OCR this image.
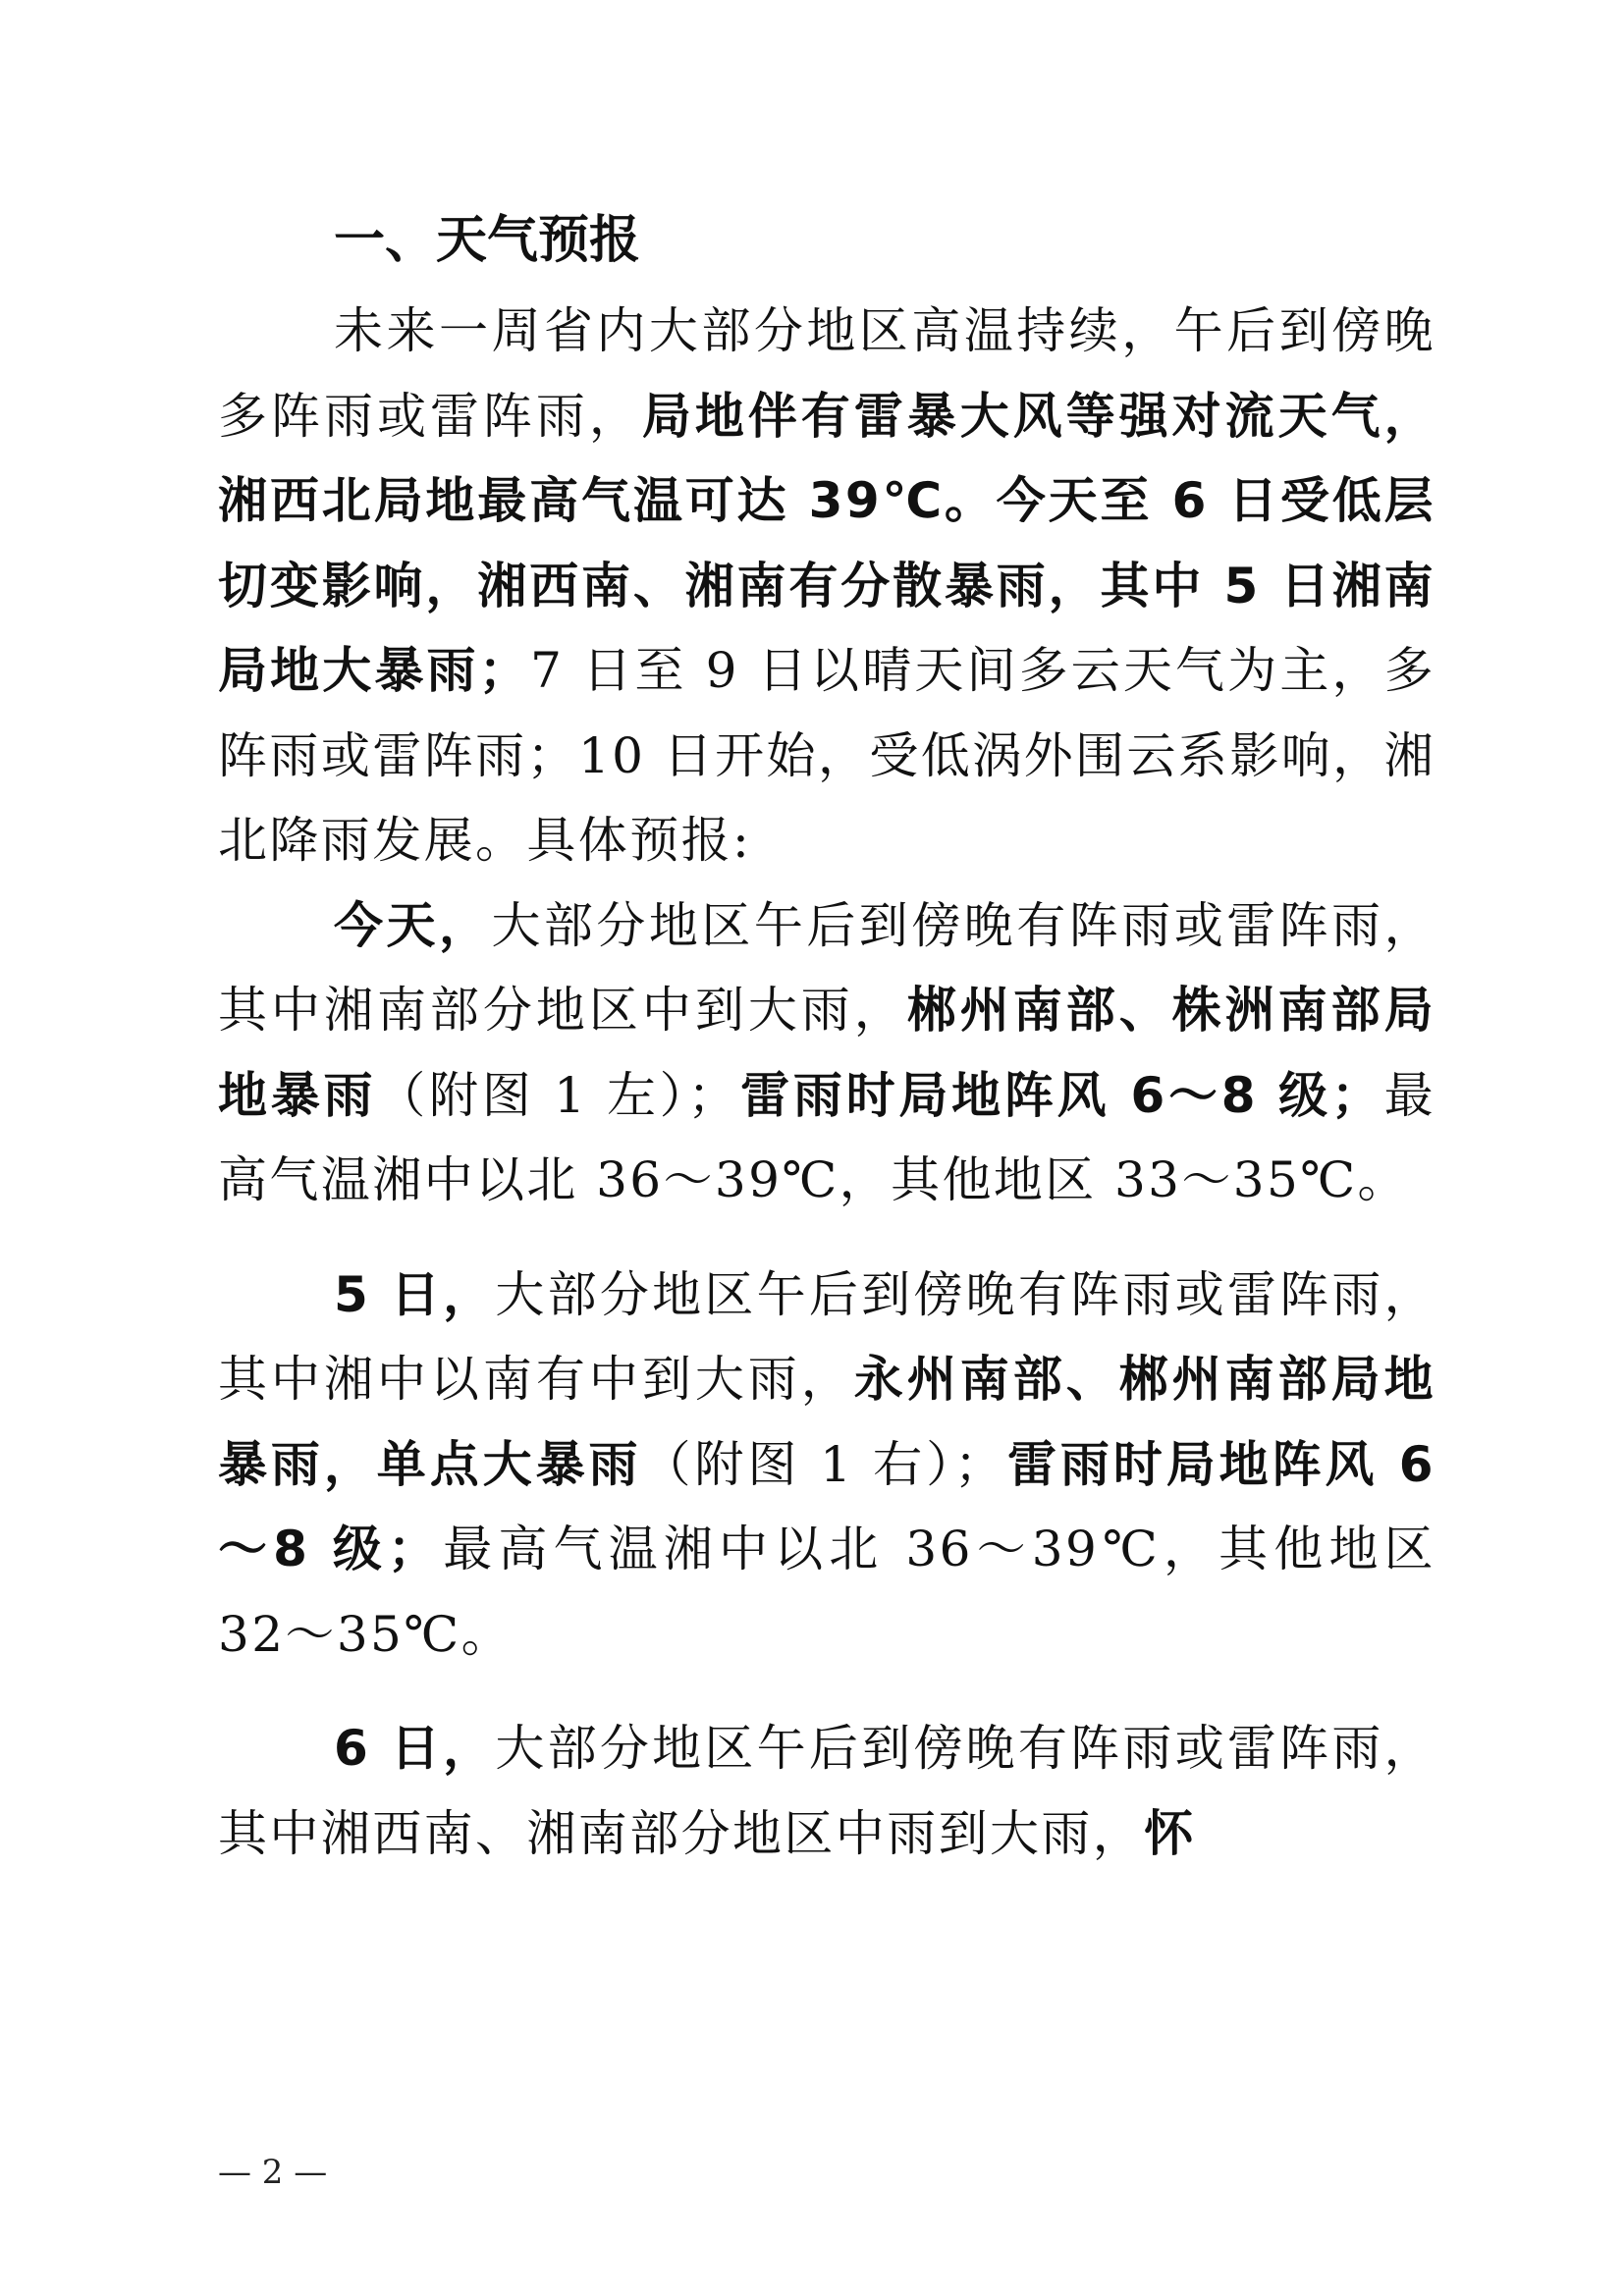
一、天气预报

未来一周省内大部分地区高温持续，午后到傍晚多阵雨或雷阵雨，局地伴有雷暴大风等强对流天气，湘西北局地最高气温可达 39℃。今天至 6 日受低层切变影响，湘西南、湘南有分散暴雨，其中 5 日湘南局地大暴雨；7 日至 9 日以晴天间多云天气为主，多阵雨或雷阵雨；10 日开始，受低涡外围云系影响，湘北降雨发展。具体预报:

今天，大部分地区午后到傍晚有阵雨或雷阵雨，其中湘南部分地区中到大雨，郴州南部、株洲南部局地暴雨（附图 1 左）；雷雨时局地阵风 6～8 级；最高气温湘中以北 36～39℃，其他地区 33～35℃。

5 日，大部分地区午后到傍晚有阵雨或雷阵雨，其中湘中以南有中到大雨，永州南部、郴州南部局地暴雨，单点大暴雨（附图 1 右）；雷雨时局地阵风 6～8 级；最高气温湘中以北 36～39℃，其他地区 32～35℃。

6 日，大部分地区午后到傍晚有阵雨或雷阵雨，其中湘西南、湘南部分地区中雨到大雨，怀

— 2 —
